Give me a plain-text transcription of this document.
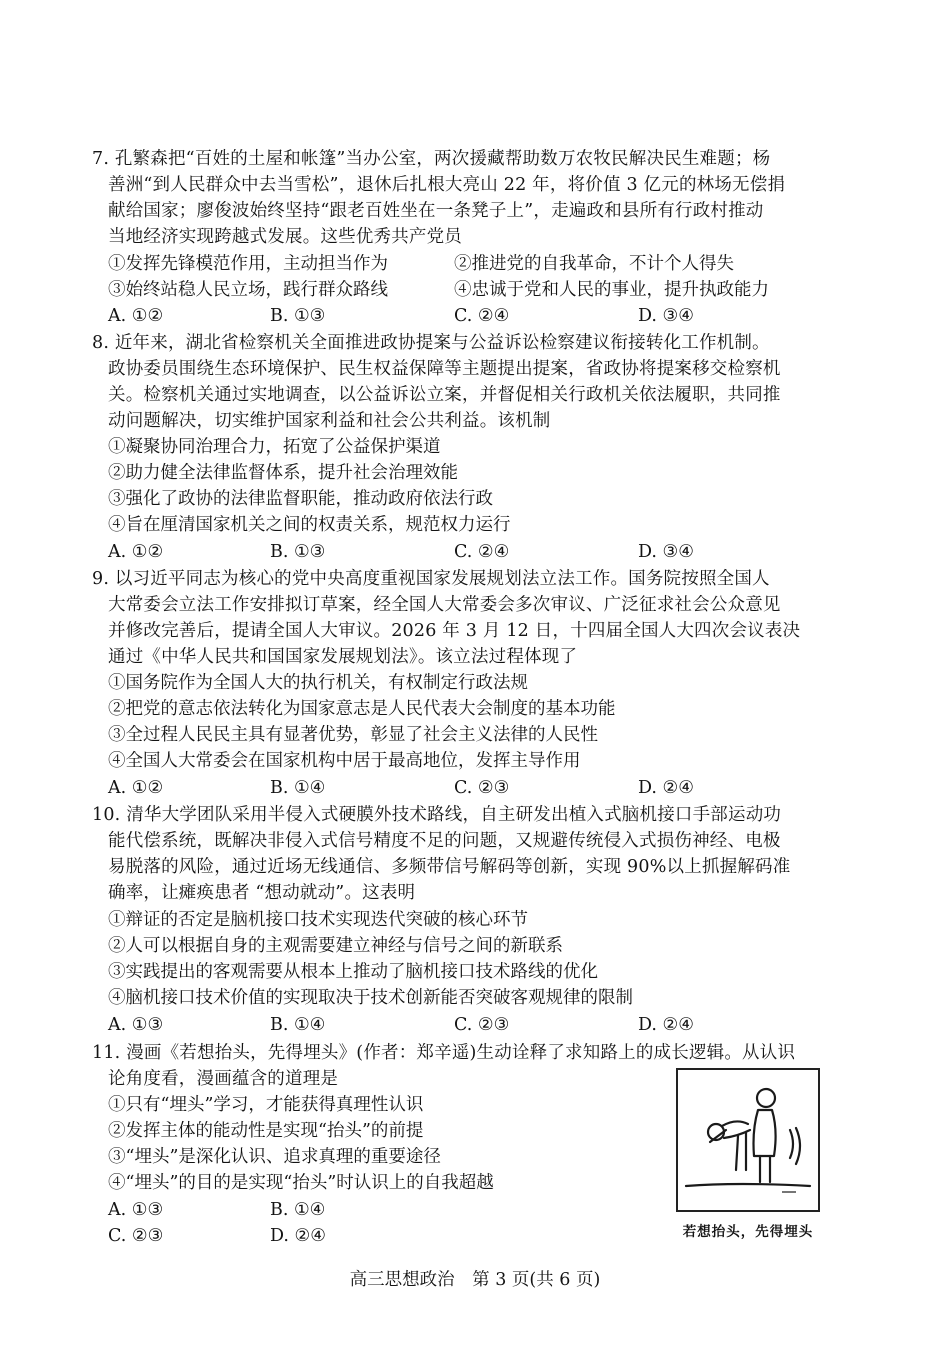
7. 孔繁森把“百姓的土屋和帐篷”当办公室，两次援藏帮助数万农牧民解决民生难题；杨
善洲“到人民群众中去当雪松”，退休后扎根大亮山 22 年，将价值 3 亿元的林场无偿捐
献给国家；廖俊波始终坚持“跟老百姓坐在一条凳子上”，走遍政和县所有行政村推动
当地经济实现跨越式发展。这些优秀共产党员
①发挥先锋模范作用，主动担当作为	②推进党的自我革命，不计个人得失
③始终站稳人民立场，践行群众路线	④忠诚于党和人民的事业，提升执政能力
A. ①②	B. ①③	C. ②④	D. ③④
8. 近年来，湖北省检察机关全面推进政协提案与公益诉讼检察建议衔接转化工作机制。
政协委员围绕生态环境保护、民生权益保障等主题提出提案，省政协将提案移交检察机
关。检察机关通过实地调查，以公益诉讼立案，并督促相关行政机关依法履职，共同推
动问题解决，切实维护国家利益和社会公共利益。该机制
①凝聚协同治理合力，拓宽了公益保护渠道
②助力健全法律监督体系，提升社会治理效能
③强化了政协的法律监督职能，推动政府依法行政
④旨在厘清国家机关之间的权责关系，规范权力运行
A. ①②	B. ①③	C. ②④	D. ③④
9. 以习近平同志为核心的党中央高度重视国家发展规划法立法工作。国务院按照全国人
大常委会立法工作安排拟订草案，经全国人大常委会多次审议、广泛征求社会公众意见
并修改完善后，提请全国人大审议。2026 年 3 月 12 日，十四届全国人大四次会议表决
通过《中华人民共和国国家发展规划法》。该立法过程体现了
①国务院作为全国人大的执行机关，有权制定行政法规
②把党的意志依法转化为国家意志是人民代表大会制度的基本功能
③全过程人民民主具有显著优势，彰显了社会主义法律的人民性
④全国人大常委会在国家机构中居于最高地位，发挥主导作用
A. ①②	B. ①④	C. ②③	D. ②④
10. 清华大学团队采用半侵入式硬膜外技术路线，自主研发出植入式脑机接口手部运动功
能代偿系统，既解决非侵入式信号精度不足的问题，又规避传统侵入式损伤神经、电极
易脱落的风险，通过近场无线通信、多频带信号解码等创新，实现 90%以上抓握解码准
确率，让瘫痪患者 “想动就动”。这表明
①辩证的否定是脑机接口技术实现迭代突破的核心环节
②人可以根据自身的主观需要建立神经与信号之间的新联系
③实践提出的客观需要从根本上推动了脑机接口技术路线的优化
④脑机接口技术价值的实现取决于技术创新能否突破客观规律的限制
A. ①③	B. ①④	C. ②③	D. ②④
11. 漫画《若想抬头，先得埋头》(作者：郑辛遥)生动诠释了求知路上的成长逻辑。从认识
论角度看，漫画蕴含的道理是
①只有“埋头”学习，才能获得真理性认识
②发挥主体的能动性是实现“抬头”的前提
③“埋头”是深化认识、追求真理的重要途径
④“埋头”的目的是实现“抬头”时认识上的自我超越
A. ①③	B. ①④
C. ②③	D. ②④	若想抬头，先得埋头
高三思想政治　第 3 页(共 6 页)
